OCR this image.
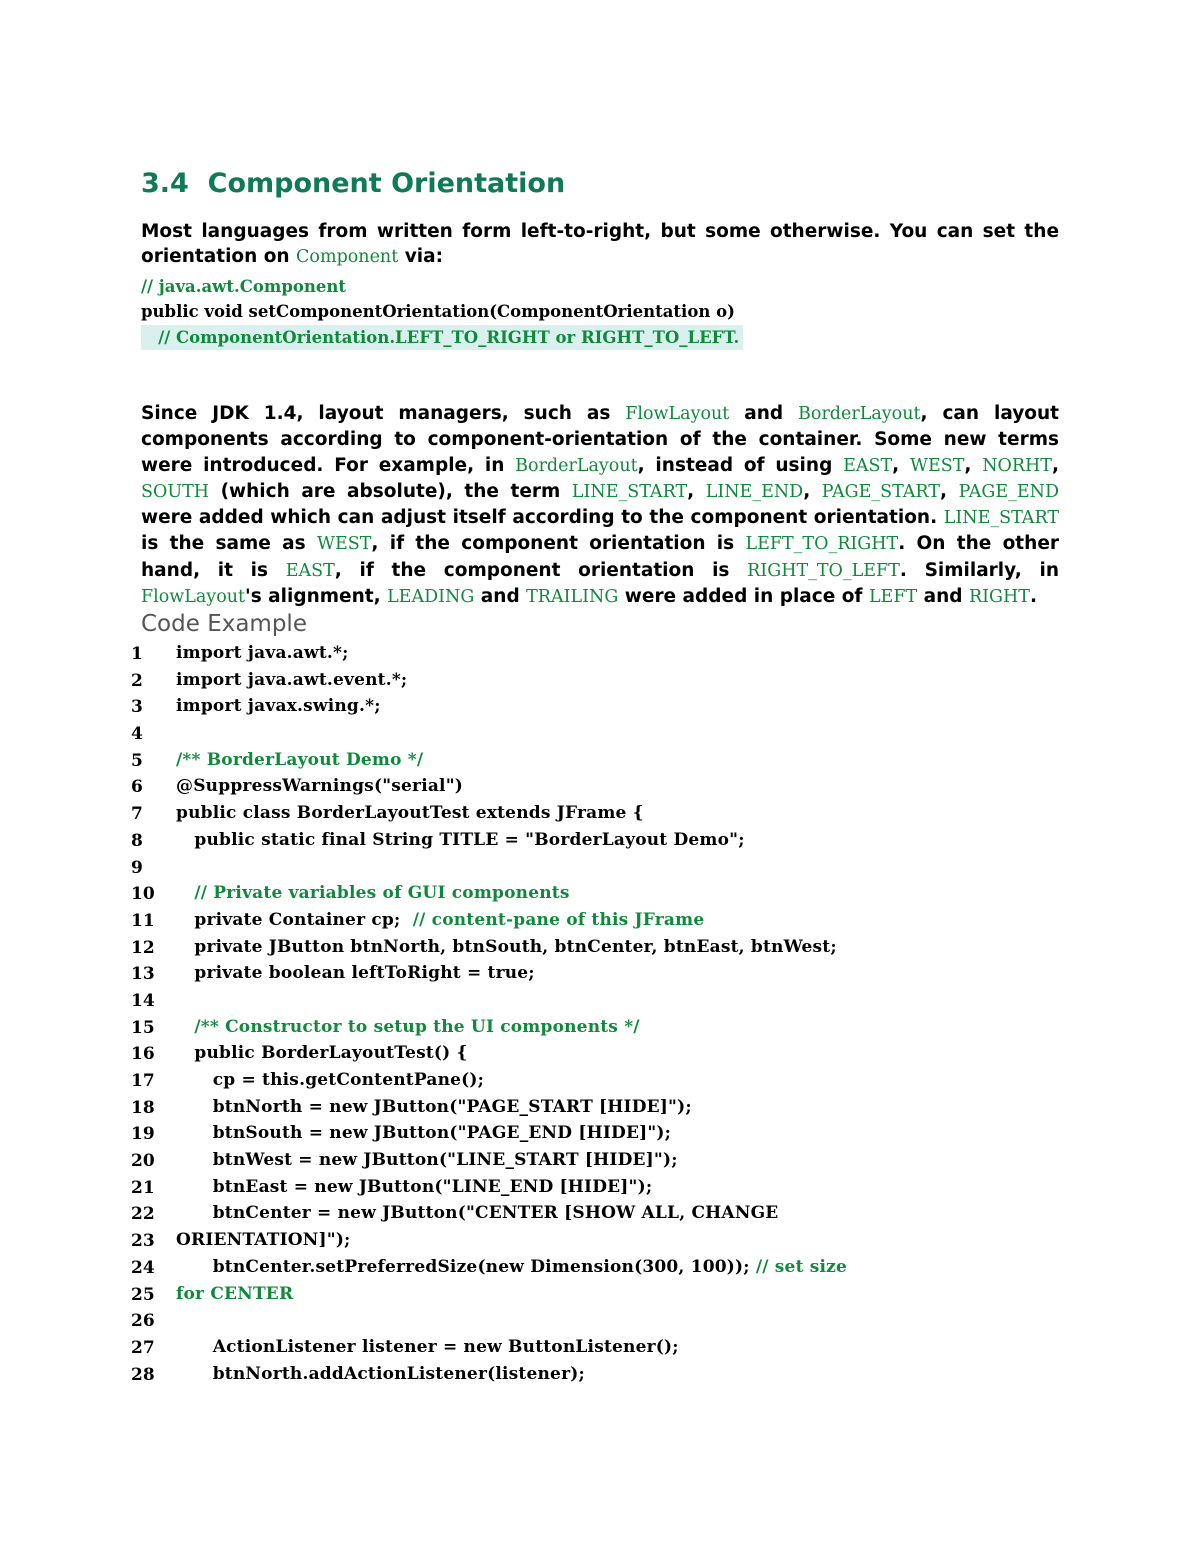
3.4  Component Orientation

Most languages from written form left-to-right, but some otherwise. You can set the orientation on Component via:

// java.awt.Component
public void setComponentOrientation(ComponentOrientation o)
// ComponentOrientation.LEFT_TO_RIGHT or RIGHT_TO_LEFT.

Since JDK 1.4, layout managers, such as FlowLayout and BorderLayout, can layout components according to component-orientation of the container. Some new terms were introduced. For example, in BorderLayout, instead of using EAST, WEST, NORHT, SOUTH (which are absolute), the term LINE_START, LINE_END, PAGE_START, PAGE_END were added which can adjust itself according to the component orientation. LINE_START is the same as WEST, if the component orientation is LEFT_TO_RIGHT. On the other hand, it is EAST, if the component orientation is RIGHT_TO_LEFT. Similarly, in FlowLayout's alignment, LEADING and TRAILING were added in place of LEFT and RIGHT.

Code Example
1	import java.awt.*;
2	import java.awt.event.*;
3	import javax.swing.*;
4
5	/** BorderLayout Demo */
6	@SuppressWarnings("serial")
7	public class BorderLayoutTest extends JFrame {
8	public static final String TITLE = "BorderLayout Demo";
9
10	// Private variables of GUI components
11	private Container cp;  // content-pane of this JFrame
12	private JButton btnNorth, btnSouth, btnCenter, btnEast, btnWest;
13	private boolean leftToRight = true;
14
15	/** Constructor to setup the UI components */
16	public BorderLayoutTest() {
17	cp = this.getContentPane();
18	btnNorth = new JButton("PAGE_START [HIDE]");
19	btnSouth = new JButton("PAGE_END [HIDE]");
20	btnWest = new JButton("LINE_START [HIDE]");
21	btnEast = new JButton("LINE_END [HIDE]");
22	btnCenter = new JButton("CENTER [SHOW ALL, CHANGE
23	ORIENTATION]");
24	btnCenter.setPreferredSize(new Dimension(300, 100)); // set size
25	for CENTER
26
27	ActionListener listener = new ButtonListener();
28	btnNorth.addActionListener(listener);
